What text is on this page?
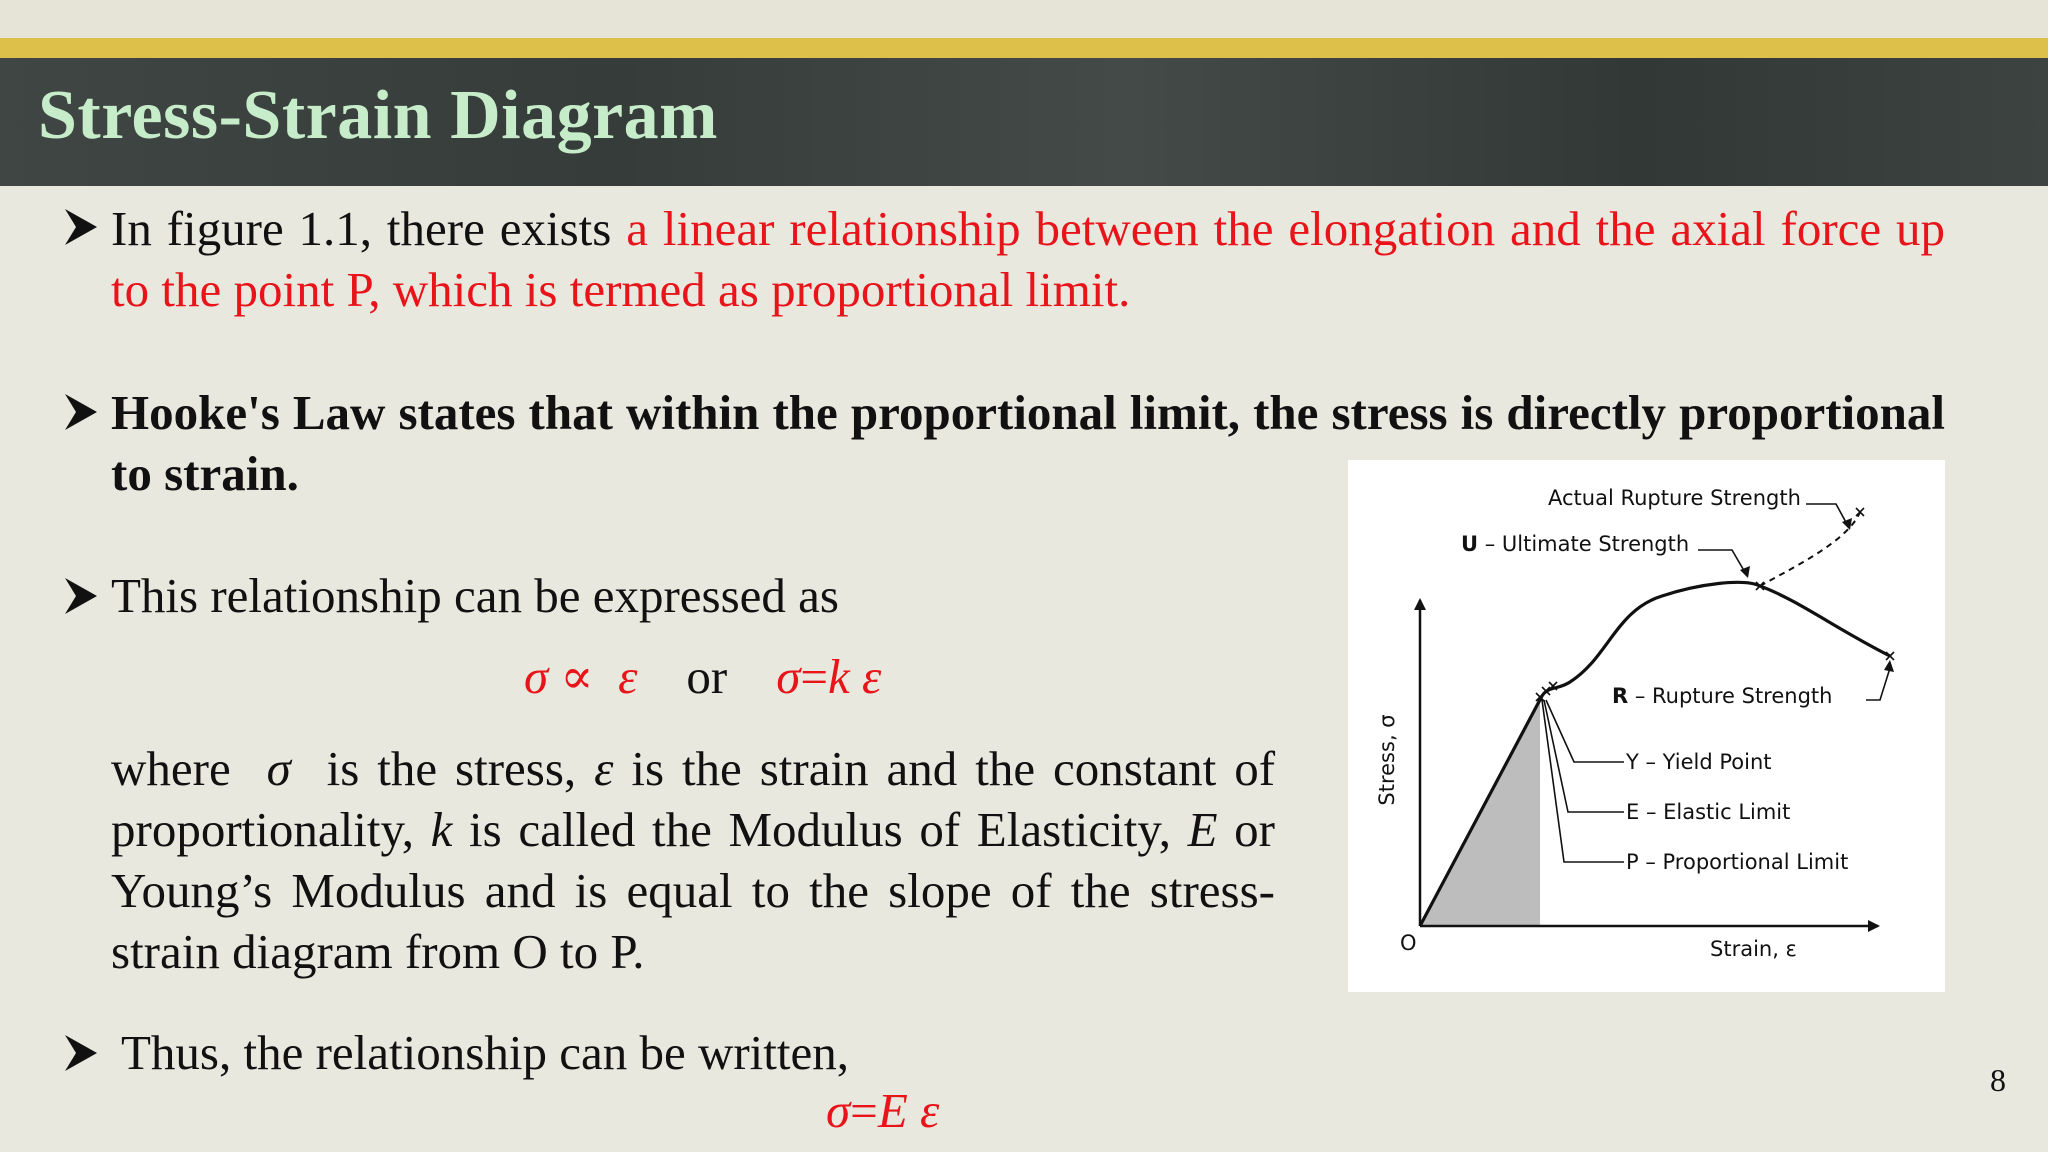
Stress-Strain Diagram
In figure 1.1, there exists a linear relationship between the elongation and the axial force up to the point P, which is termed as proportional limit.
Hooke's Law states that within the proportional limit, the stress is directly proportional to strain.
This relationship can be expressed as
σ ∝ ε or σ=k ε
where  σ  is the stress, ε is the strain and the constant of proportionality, k is called the Modulus of Elasticity, E or Young’s Modulus and is equal to the slope of the stress-strain diagram from O to P.
Thus, the relationship can be written,
σ=E ε
Actual Rupture Strength
U – Ultimate Strength
R – Rupture Strength
Y – Yield Point
E – Elastic Limit
P – Proportional Limit
O	Strain, ε
Stress, σ
8
